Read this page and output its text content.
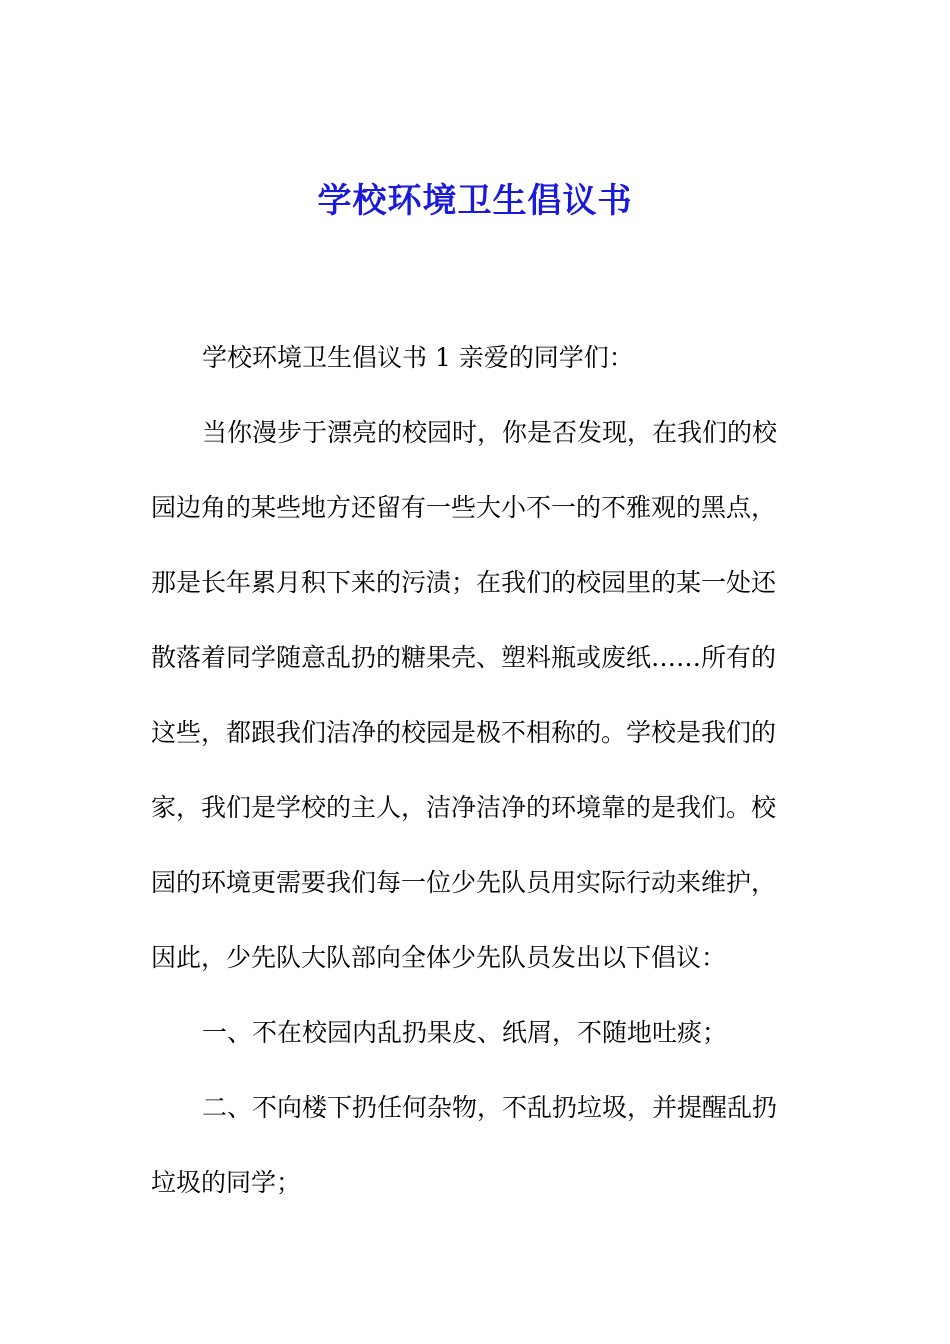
学校环境卫生倡议书
学校环境卫生倡议书 1 亲爱的同学们：
当你漫步于漂亮的校园时，你是否发现，在我们的校
园边角的某些地方还留有一些大小不一的不雅观的黑点，
那是长年累月积下来的污渍；在我们的校园里的某一处还
散落着同学随意乱扔的糖果壳、塑料瓶或废纸……所有的
这些，都跟我们洁净的校园是极不相称的。学校是我们的
家，我们是学校的主人，洁净洁净的环境靠的是我们。校
园的环境更需要我们每一位少先队员用实际行动来维护，
因此，少先队大队部向全体少先队员发出以下倡议：
一、不在校园内乱扔果皮、纸屑，不随地吐痰；
二、不向楼下扔任何杂物，不乱扔垃圾，并提醒乱扔
垃圾的同学；
